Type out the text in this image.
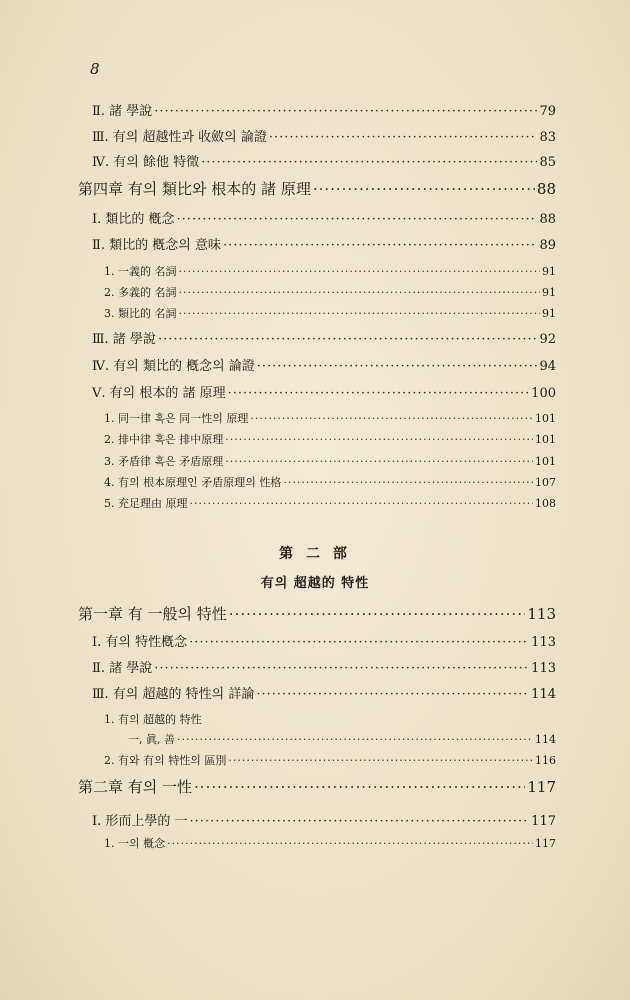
8
Ⅱ. 諸 學說 ·····	79
Ⅲ. 有의 超越性과 收斂의 論證 ·····	83
Ⅳ. 有의 餘他 特徵 ·····	85
第四章 有의 類比와 根本的 諸 原理 ·····	88
Ⅰ. 類比的 槪念 ·····	88
Ⅱ. 類比的 槪念의 意味 ·····	89
1. 一義的 名詞 ·····	91
2. 多義的 名詞 ·····	91
3. 類比的 名詞 ·····	91
Ⅲ. 諸 學說 ·····	92
Ⅳ. 有의 類比的 槪念의 論證 ·····	94
Ⅴ. 有의 根本的 諸 原理 ·····	100
1. 同一律 혹은 同一性의 原理 ·····	101
2. 排中律 혹은 排中原理 ·····	101
3. 矛盾律 혹은 矛盾原理 ·····	101
4. 有의 根本原理인 矛盾原理의 性格 ·····	107
5. 充足理由 原理 ·····	108
第 二 部
有의 超越的 特性
第一章 有 一般의 特性 ·····	113
Ⅰ. 有의 特性槪念 ·····	113
Ⅱ. 諸 學說 ·····	113
Ⅲ. 有의 超越的 特性의 詳論 ·····	114
1. 有의 超越的 特性
一, 眞, 善 ·····	114
2. 有와 有의 特性의 區別 ·····	116
第二章 有의 一性 ·····	117
Ⅰ. 形而上學的 一 ·····	117
1. 一의 槪念 ·····	117
